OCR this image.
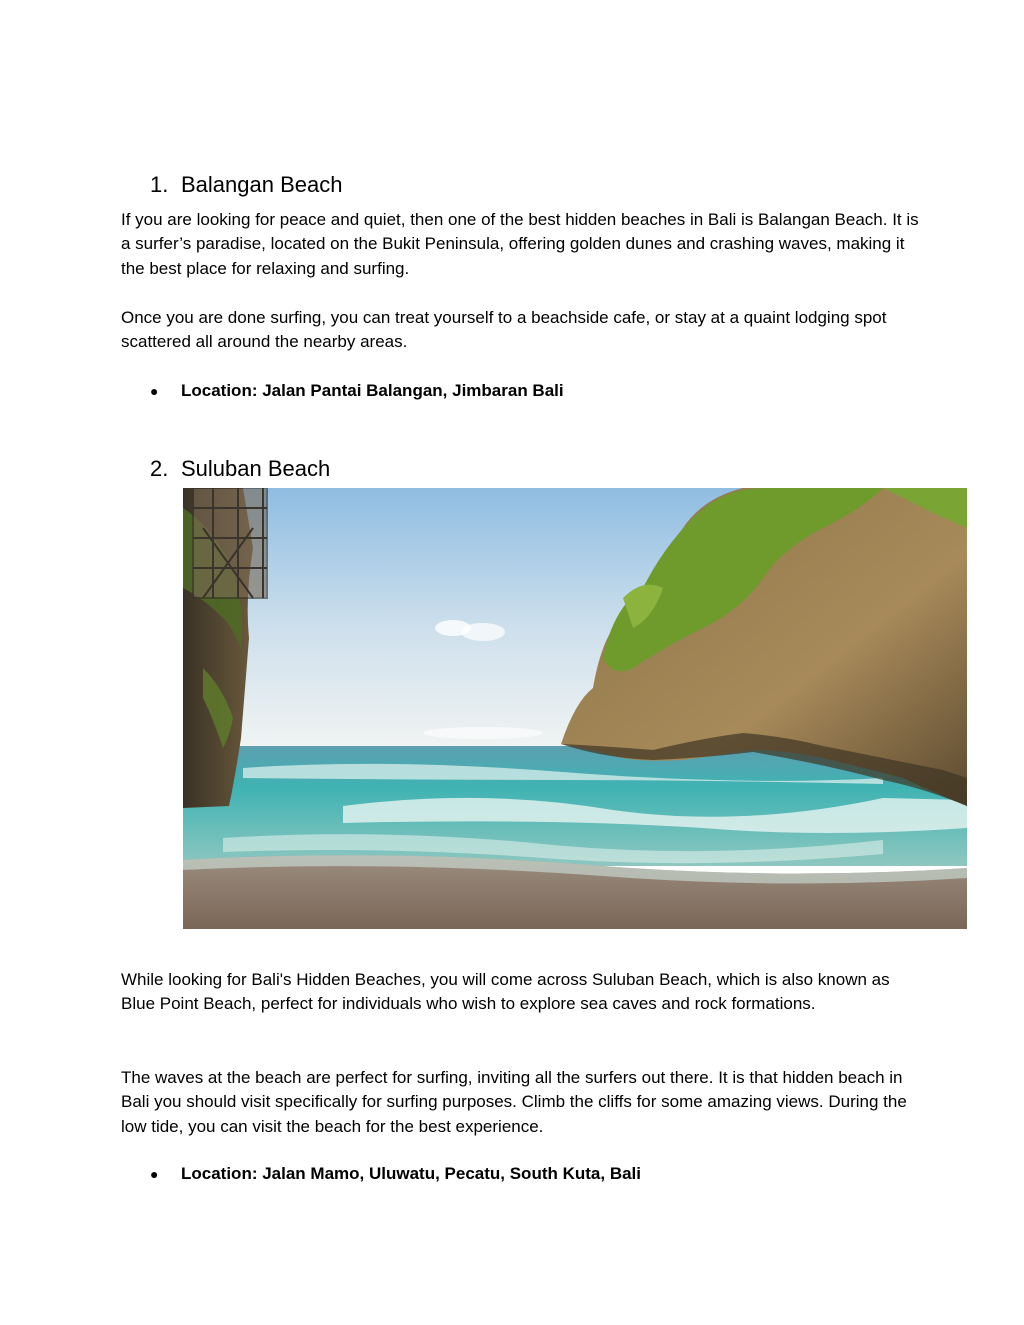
1. Balangan Beach

If you are looking for peace and quiet, then one of the best hidden beaches in Bali is Balangan Beach. It is a surfer’s paradise, located on the Bukit Peninsula, offering golden dunes and crashing waves, making it the best place for relaxing and surfing.

Once you are done surfing, you can treat yourself to a beachside cafe, or stay at a quaint lodging spot scattered all around the nearby areas.

● Location: Jalan Pantai Balangan, Jimbaran Bali
2. Suluban Beach

While looking for Bali's Hidden Beaches, you will come across Suluban Beach, which is also known as Blue Point Beach, perfect for individuals who wish to explore sea caves and rock formations.

The waves at the beach are perfect for surfing, inviting all the surfers out there. It is that hidden beach in Bali you should visit specifically for surfing purposes. Climb the cliffs for some amazing views. During the low tide, you can visit the beach for the best experience.

● Location: Jalan Mamo, Uluwatu, Pecatu, South Kuta, Bali
